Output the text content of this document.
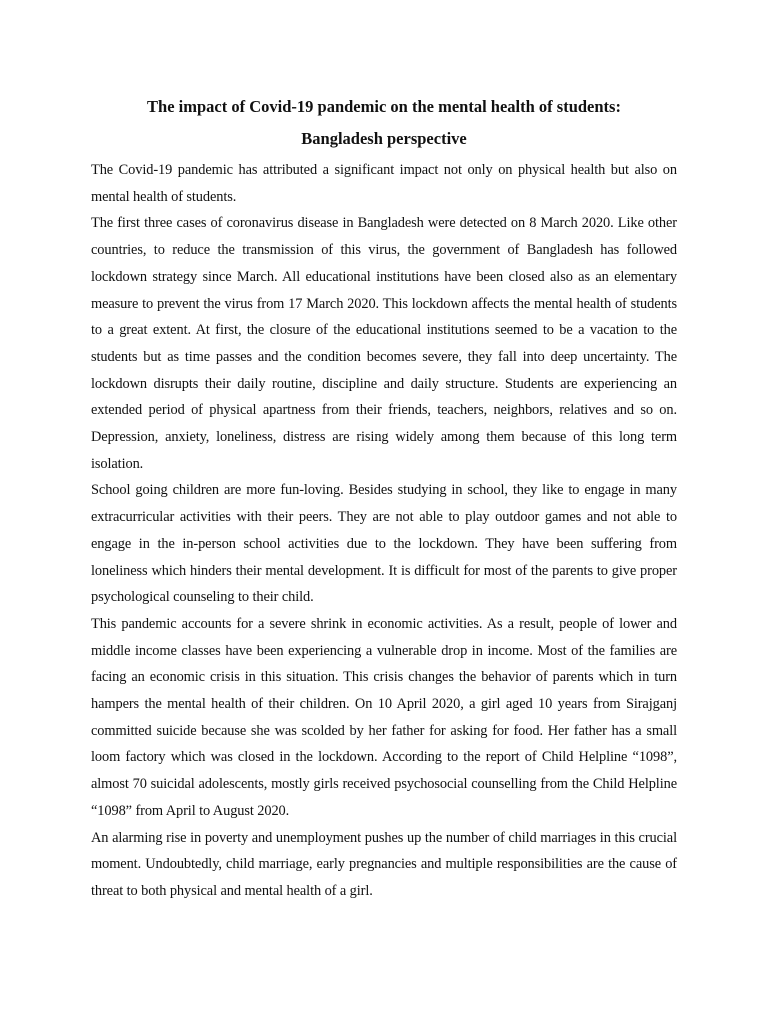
The impact of Covid-19 pandemic on the mental health of students:
Bangladesh perspective

The Covid-19 pandemic has attributed a significant impact not only on physical health but also on mental health of students.

The first three cases of coronavirus disease in Bangladesh were detected on 8 March 2020. Like other countries, to reduce the transmission of this virus, the government of Bangladesh has followed lockdown strategy since March. All educational institutions have been closed also as an elementary measure to prevent the virus from 17 March 2020. This lockdown affects the mental health of students to a great extent. At first, the closure of the educational institutions seemed to be a vacation to the students but as time passes and the condition becomes severe, they fall into deep uncertainty. The lockdown disrupts their daily routine, discipline and daily structure. Students are experiencing an extended period of physical apartness from their friends, teachers, neighbors, relatives and so on. Depression, anxiety, loneliness, distress are rising widely among them because of this long term isolation.

School going children are more fun-loving. Besides studying in school, they like to engage in many extracurricular activities with their peers. They are not able to play outdoor games and not able to engage in the in-person school activities due to the lockdown. They have been suffering from loneliness which hinders their mental development. It is difficult for most of the parents to give proper psychological counseling to their child.

This pandemic accounts for a severe shrink in economic activities. As a result, people of lower and middle income classes have been experiencing a vulnerable drop in income. Most of the families are facing an economic crisis in this situation. This crisis changes the behavior of parents which in turn hampers the mental health of their children. On 10 April 2020, a girl aged 10 years from Sirajganj committed suicide because she was scolded by her father for asking for food. Her father has a small loom factory which was closed in the lockdown. According to the report of Child Helpline “1098”, almost 70 suicidal adolescents, mostly girls received psychosocial counselling from the Child Helpline “1098” from April to August 2020.

An alarming rise in poverty and unemployment pushes up the number of child marriages in this crucial moment. Undoubtedly, child marriage, early pregnancies and multiple responsibilities are the cause of threat to both physical and mental health of a girl.
